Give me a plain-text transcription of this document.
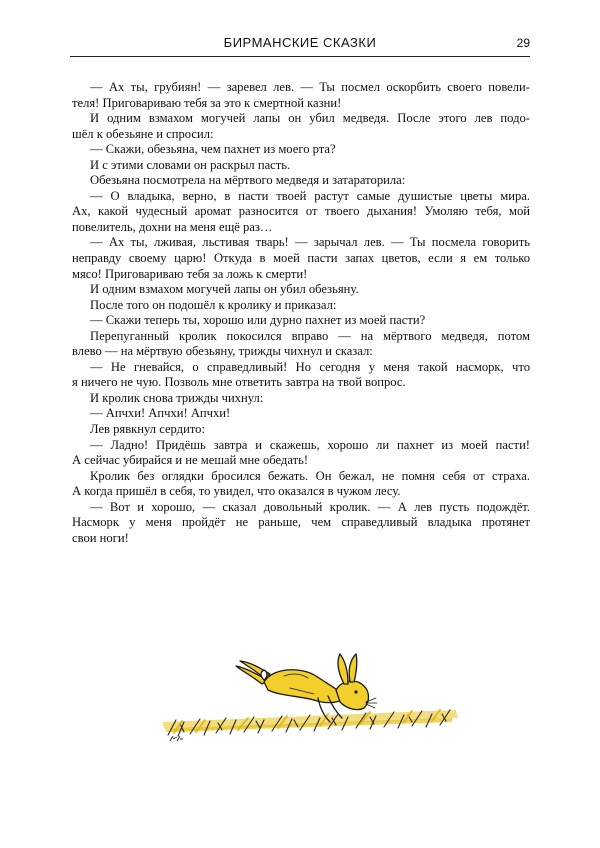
БИРМАНСКИЕ СКАЗКИ	29
— Ах ты, грубиян! — заревел лев. — Ты посмел оскорбить своего повели-
теля! Приговариваю тебя за это к смертной казни!
И одним взмахом могучей лапы он убил медведя. После этого лев подо-
шёл к обезьяне и спросил:
— Скажи, обезьяна, чем пахнет из моего рта?
И с этими словами он раскрыл пасть.
Обезьяна посмотрела на мёртвого медведя и затараторила:
— О владыка, верно, в пасти твоей растут самые душистые цветы мира.
Ах, какой чудесный аромат разносится от твоего дыхания! Умоляю тебя, мой
повелитель, дохни на меня ещё раз…
— Ах ты, лживая, льстивая тварь! — зарычал лев. — Ты посмела говорить
неправду своему царю! Откуда в моей пасти запах цветов, если я ем только
мясо! Приговариваю тебя за ложь к смерти!
И одним взмахом могучей лапы он убил обезьяну.
После того он подошёл к кролику и приказал:
— Скажи теперь ты, хорошо или дурно пахнет из моей пасти?
Перепуганный кролик покосился вправо — на мёртвого медведя, потом
влево — на мёртвую обезьяну, трижды чихнул и сказал:
— Не гневайся, о справедливый! Но сегодня у меня такой насморк, что
я ничего не чую. Позволь мне ответить завтра на твой вопрос.
И кролик снова трижды чихнул:
— Апчхи! Апчхи! Апчхи!
Лев рявкнул сердито:
— Ладно! Придёшь завтра и скажешь, хорошо ли пахнет из моей пасти!
А сейчас убирайся и не мешай мне обедать!
Кролик без оглядки бросился бежать. Он бежал, не помня себя от страха.
А когда пришёл в себя, то увидел, что оказался в чужом лесу.
— Вот и хорошо, — сказал довольный кролик. — А лев пусть подождёт.
Насморк у меня пройдёт не раньше, чем справедливый владыка протянет
свои ноги!
